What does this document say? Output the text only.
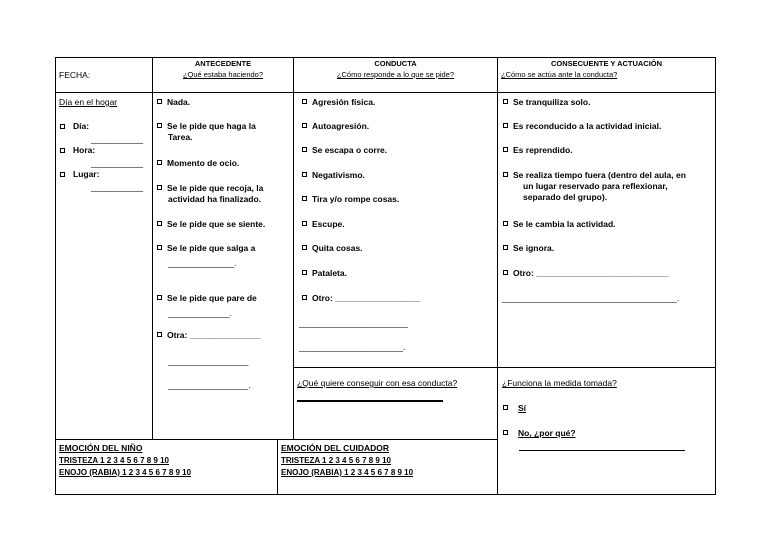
FECHA:
ANTECEDENTE
¿Qué estaba haciendo?
CONDUCTA
¿Cómo responde a lo que se pide?
CONSECUENTE Y ACTUACIÓN
¿Cómo se actúa ante la conducta?
Día en el hogar
Día:
___________
Hora:
___________
Lugar:
___________
Nada.
Se le pide que haga la
Tarea.
Momento de ocio.
Se le pide que recoja, la
actividad ha finalizado.
Se le pide que se siente.
Se le pide que salga a
______________.
Se le pide que pare de
_____________.
Otra: _______________
_________________
_________________.
Agresión física.
Autoagresión.
Se escapa o corre.
Negativismo.
Tira y/o rompe cosas.
Escupe.
Quita cosas.
Pataleta.
Otro: __________________
_______________________
______________________.
¿Qué quiere conseguir con esa conducta?
Se tranquiliza solo.
Es reconducido a la actividad inicial.
Es reprendido.
Se realiza tiempo fuera (dentro del aula, en
un lugar reservado para reflexionar,
separado del grupo).
Se le cambia la actividad.
Se ignora.
Otro: ____________________________
_____________________________________.
¿Funciona la medida tomada?
Sí
No, ¿por qué?
EMOCIÓN DEL NIÑO
TRISTEZA 1 2 3 4 5 6 7 8 9 10
ENOJO (RABIA) 1 2 3 4 5 6 7 8 9 10
EMOCIÓN DEL CUIDADOR
TRISTEZA 1 2 3 4 5 6 7 8 9 10
ENOJO (RABIA) 1 2 3 4 5 6 7 8 9 10
